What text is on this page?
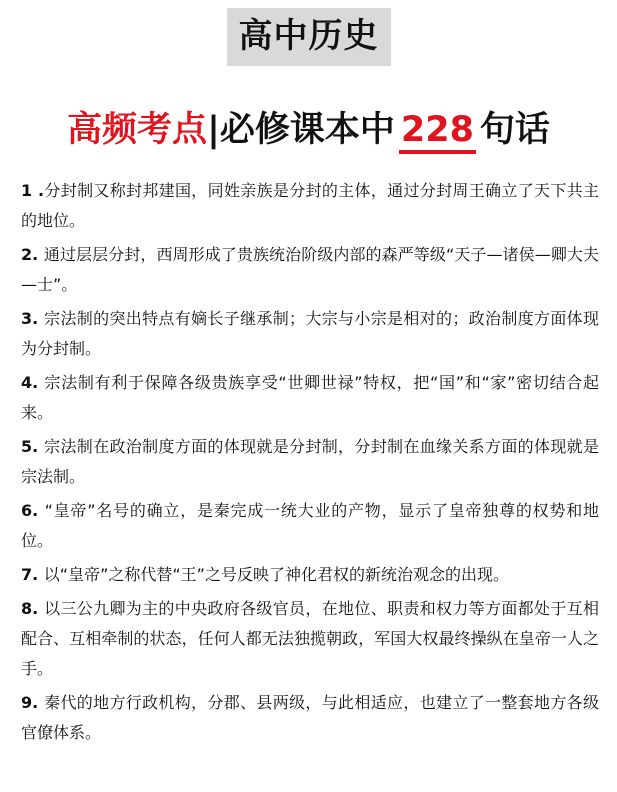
高中历史
高频考点|必修课本中 228 句话
1 .分封制又称封邦建国，同姓亲族是分封的主体，通过分封周王确立了天下共主的地位。
2. 通过层层分封，西周形成了贵族统治阶级内部的森严等级“天子—诸侯—卿大夫—士”。
3. 宗法制的突出特点有嫡长子继承制；大宗与小宗是相对的；政治制度方面体现为分封制。
4. 宗法制有利于保障各级贵族享受“世卿世禄”特权，把“国”和“家”密切结合起来。
5. 宗法制在政治制度方面的体现就是分封制，分封制在血缘关系方面的体现就是宗法制。
6. “皇帝”名号的确立，是秦完成一统大业的产物，显示了皇帝独尊的权势和地位。
7. 以“皇帝”之称代替“王”之号反映了神化君权的新统治观念的出现。
8. 以三公九卿为主的中央政府各级官员，在地位、职责和权力等方面都处于互相配合、互相牵制的状态，任何人都无法独揽朝政，军国大权最终操纵在皇帝一人之手。
9. 秦代的地方行政机构，分郡、县两级，与此相适应，也建立了一整套地方各级官僚体系。
